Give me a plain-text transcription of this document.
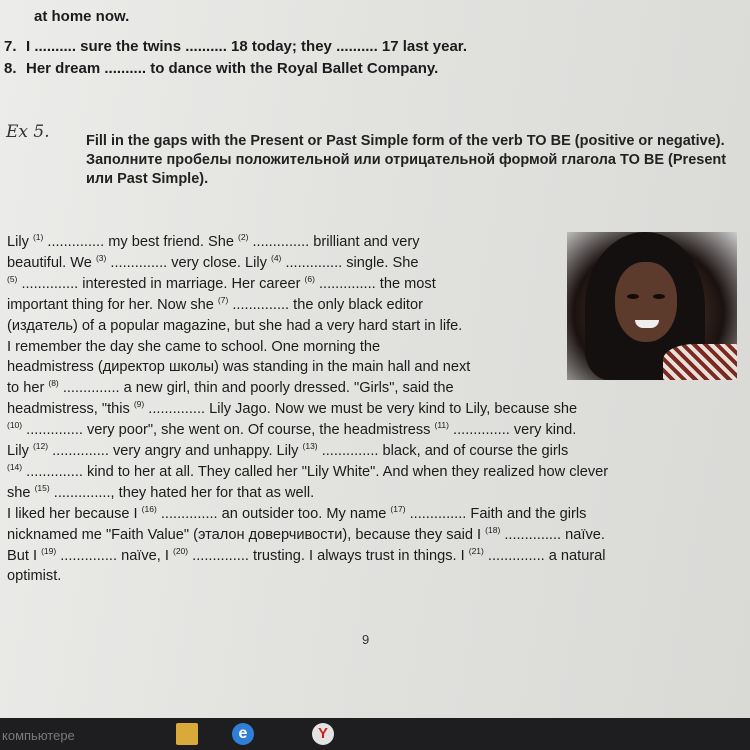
at home now.
7. I .......... sure the twins .......... 18 today; they .......... 17 last year.
8. Her dream .......... to dance with the Royal Ballet Company.
Ex 5.	Fill in the gaps with the Present or Past Simple form of the verb TO BE (positive or negative).
Заполните пробелы положительной или отрицательной формой глагола TO BE (Present или Past Simple).
Lily $^{(1)}$ .............. my best friend. She $^{(2)}$ .............. brilliant and very
beautiful. We $^{(3)}$ .............. very close. Lily $^{(4)}$ .............. single. She
$^{(5)}$ .............. interested in marriage. Her career $^{(6)}$ .............. the most
important thing for her. Now she $^{(7)}$ .............. the only black editor
(издатель) of a popular magazine, but she had a very hard start in life.
I remember the day she came to school. One morning the
headmistress (директор школы) was standing in the main hall and next
to her $^{(8)}$ .............. a new girl, thin and poorly dressed. "Girls", said the
headmistress, "this $^{(9)}$ .............. Lily Jago. Now we must be very kind to Lily, because she
$^{(10)}$ .............. very poor", she went on. Of course, the headmistress $^{(11)}$ .............. very kind.
Lily $^{(12)}$ .............. very angry and unhappy. Lily $^{(13)}$ .............. black, and of course the girls
$^{(14)}$ .............. kind to her at all. They called her "Lily White". And when they realized how clever
she $^{(15)}$ .............., they hated her for that as well.
I liked her because I $^{(16)}$ .............. an outsider too. My name $^{(17)}$ .............. Faith and the girls
nicknamed me "Faith Value" (эталон доверчивости), because they said I $^{(18)}$ .............. naïve.
But I $^{(19)}$ .............. naïve, I $^{(20)}$ .............. trusting. I always trust in things. I $^{(21)}$ .............. a natural
optimist.
9
компьютере	e	Y
